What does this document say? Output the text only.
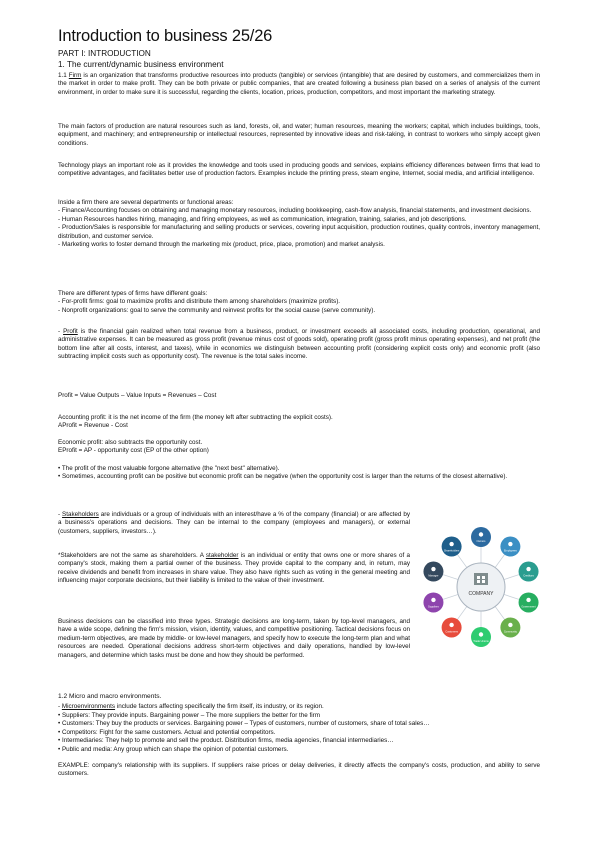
Introduction to business 25/26

PART I: INTRODUCTION

1. The current/dynamic business environment

1.1 Firm is an organization that transforms productive resources into products (tangible) or services (intangible) that are desired by customers, and commercializes them in the market in order to make profit. They can be both private or public companies, that are created following a business plan based on a series of analysis of the current environment, in order to make sure it is successful, regarding the clients, location, prices, production, competitors, and most important the marketing strategy.

The main factors of production are natural resources such as land, forests, oil, and water; human resources, meaning the workers; capital, which includes buildings, tools, equipment, and machinery; and entrepreneurship or intellectual resources, represented by innovative ideas and risk-taking, in contrast to workers who simply accept given conditions.

Technology plays an important role as it provides the knowledge and tools used in producing goods and services, explains efficiency differences between firms that lead to competitive advantages, and facilitates better use of production factors. Examples include the printing press, steam engine, Internet, social media, and artificial intelligence.

Inside a firm there are several departments or functional areas:
- Finance/Accounting focuses on obtaining and managing monetary resources, including bookkeeping, cash-flow analysis, financial statements, and investment decisions.
- Human Resources handles hiring, managing, and firing employees, as well as communication, integration, training, salaries, and job descriptions.
- Production/Sales is responsible for manufacturing and selling products or services, covering input acquisition, production routines, quality controls, inventory management, distribution, and customer service.
- Marketing works to foster demand through the marketing mix (product, price, place, promotion) and market analysis.

There are different types of firms have different goals:
- For-profit firms: goal to maximize profits and distribute them among shareholders (maximize profits).
- Nonprofit organizations: goal to serve the community and reinvest profits for the social cause (serve community).

- Profit is the financial gain realized when total revenue from a business, product, or investment exceeds all associated costs, including production, operational, and administrative expenses. It can be measured as gross profit (revenue minus cost of goods sold), operating profit (gross profit minus operating expenses), and net profit (the bottom line after all costs, interest, and taxes), while in economics we distinguish between accounting profit (considering explicit costs only) and economic profit (also subtracting implicit costs such as opportunity cost). The revenue is the total sales income.

Profit = Value Outputs – Value Inputs = Revenues – Cost

Accounting profit: it is the net income of the firm (the money left after subtracting the explicit costs).
AProfit = Revenue - Cost

Economic profit: also subtracts the opportunity cost.
EProfit = AP - opportunity cost (EP of the other option)

• The profit of the most valuable forgone alternative (the "next best" alternative).
• Sometimes, accounting profit can be positive but economic profit can be negative (when the opportunity cost is larger than the returns of the closest alternative).

- Stakeholders are individuals or a group of individuals with an interest/have a % of the company (financial) or are affected by a business's operations and decisions. They can be internal to the company (employees and managers), or external (customers, suppliers, investors…).

*Stakeholders are not the same as shareholders. A stakeholder is an individual or entity that owns one or more shares of a company's stock, making them a partial owner of the business. They provide capital to the company and, in return, may receive dividends and benefit from increases in share value. They also have rights such as voting in the general meeting and influencing major corporate decisions, but their liability is limited to the value of their investment.

Business decisions can be classified into three types. Strategic decisions are long-term, taken by top-level managers, and have a wide scope, defining the firm's mission, vision, identity, values, and competitive positioning. Tactical decisions focus on medium-term objectives, are made by middle- or low-level managers, and specify how to execute the long-term plan and what resources are needed. Operational decisions address short-term objectives and daily operations, handled by low-level managers, and determine which tasks must be done and how they should be performed.

1.2 Micro and macro environments.

- Microenvironments include factors affecting specifically the firm itself, its industry, or its region.

• Suppliers: They provide inputs. Bargaining power – The more suppliers the better for the firm
• Customers: They buy the products or services. Bargaining power – Types of customers, number of customers, share of total sales…
• Competitors: Fight for the same customers. Actual and potential competitors.
• Intermediaries: They help to promote and sell the product. Distribution firms, media agencies, financial intermediaries…
• Public and media: Any group which can shape the opinion of potential customers.

EXAMPLE: company's relationship with its suppliers. If suppliers raise prices or delay deliveries, it directly affects the company's costs, production, and ability to serve customers.

Owners
Employees
Creditors
Government
Community
Trade Unions
Customers
Suppliers
Manager
Shareholders
COMPANY
